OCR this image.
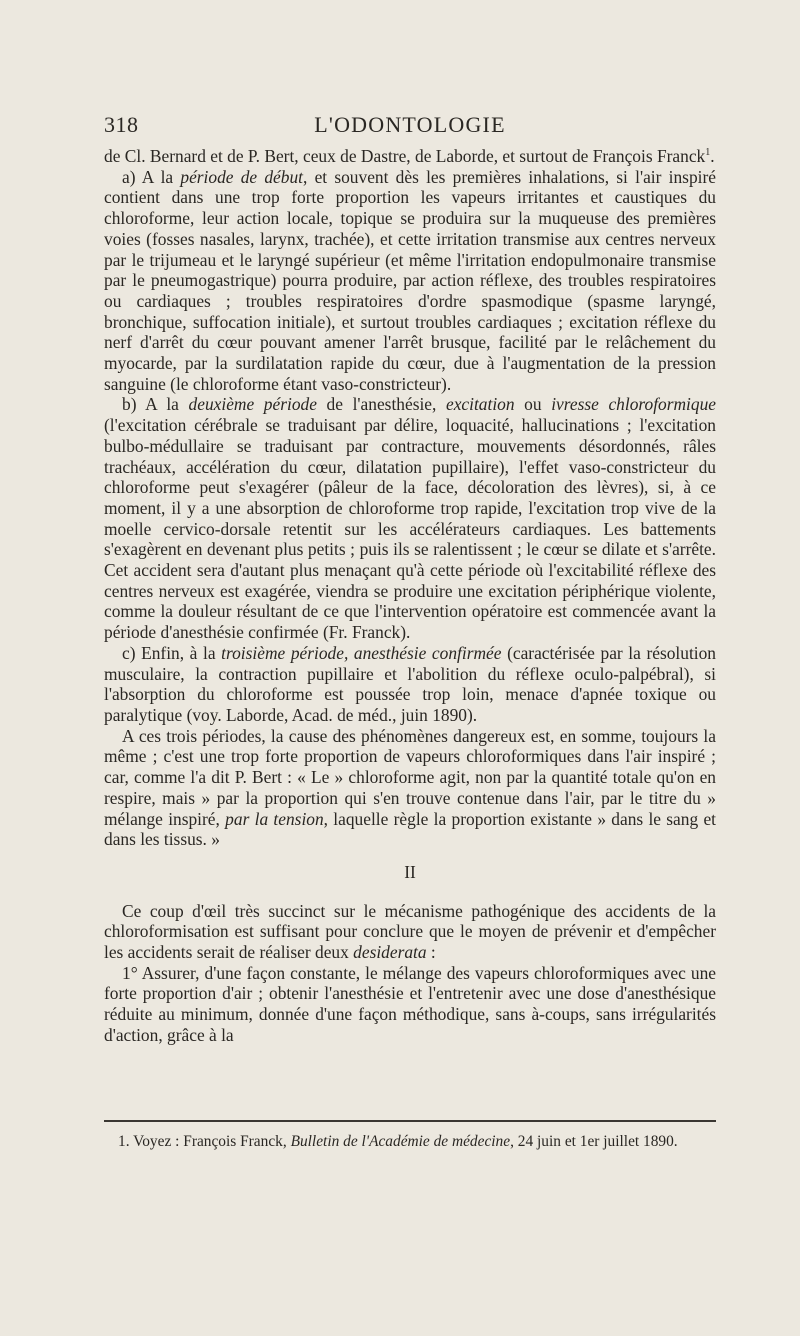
318	L'ODONTOLOGIE

de Cl. Bernard et de P. Bert, ceux de Dastre, de Laborde, et surtout de François Franck$^1$.

a) A la période de début, et souvent dès les premières inhalations, si l'air inspiré contient dans une trop forte proportion les vapeurs irritantes et caustiques du chloroforme, leur action locale, topique se produira sur la muqueuse des premières voies (fosses nasales, larynx, trachée), et cette irritation transmise aux centres nerveux par le trijumeau et le laryngé supérieur (et même l'irritation endopulmonaire transmise par le pneumogastrique) pourra produire, par action réflexe, des troubles respiratoires ou cardiaques ; troubles respiratoires d'ordre spasmodique (spasme laryngé, bronchique, suffocation initiale), et surtout troubles cardiaques ; excitation réflexe du nerf d'arrêt du cœur pouvant amener l'arrêt brusque, facilité par le relâchement du myocarde, par la surdilatation rapide du cœur, due à l'augmentation de la pression sanguine (le chloroforme étant vaso-constricteur).

b) A la deuxième période de l'anesthésie, excitation ou ivresse chloroformique (l'excitation cérébrale se traduisant par délire, loquacité, hallucinations ; l'excitation bulbo-médullaire se traduisant par contracture, mouvements désordonnés, râles trachéaux, accélération du cœur, dilatation pupillaire), l'effet vaso-constricteur du chloroforme peut s'exagérer (pâleur de la face, décoloration des lèvres), si, à ce moment, il y a une absorption de chloroforme trop rapide, l'excitation trop vive de la moelle cervico-dorsale retentit sur les accélérateurs cardiaques. Les battements s'exagèrent en devenant plus petits ; puis ils se ralentissent ; le cœur se dilate et s'arrête. Cet accident sera d'autant plus menaçant qu'à cette période où l'excitabilité réflexe des centres nerveux est exagérée, viendra se produire une excitation périphérique violente, comme la douleur résultant de ce que l'intervention opératoire est commencée avant la période d'anesthésie confirmée (Fr. Franck).

c) Enfin, à la troisième période, anesthésie confirmée (caractérisée par la résolution musculaire, la contraction pupillaire et l'abolition du réflexe oculo-palpébral), si l'absorption du chloroforme est poussée trop loin, menace d'apnée toxique ou paralytique (voy. Laborde, Acad. de méd., juin 1890).

A ces trois périodes, la cause des phénomènes dangereux est, en somme, toujours la même ; c'est une trop forte proportion de vapeurs chloroformiques dans l'air inspiré ; car, comme l'a dit P. Bert : « Le » chloroforme agit, non par la quantité totale qu'on en respire, mais » par la proportion qui s'en trouve contenue dans l'air, par le titre du » mélange inspiré, par la tension, laquelle règle la proportion existante » dans le sang et dans les tissus. »

II

Ce coup d'œil très succinct sur le mécanisme pathogénique des accidents de la chloroformisation est suffisant pour conclure que le moyen de prévenir et d'empêcher les accidents serait de réaliser deux desiderata :

1° Assurer, d'une façon constante, le mélange des vapeurs chloroformiques avec une forte proportion d'air ; obtenir l'anesthésie et l'entretenir avec une dose d'anesthésique réduite au minimum, donnée d'une façon méthodique, sans à-coups, sans irrégularités d'action, grâce à la

1. Voyez : François Franck, Bulletin de l'Académie de médecine, 24 juin et 1er juillet 1890.
